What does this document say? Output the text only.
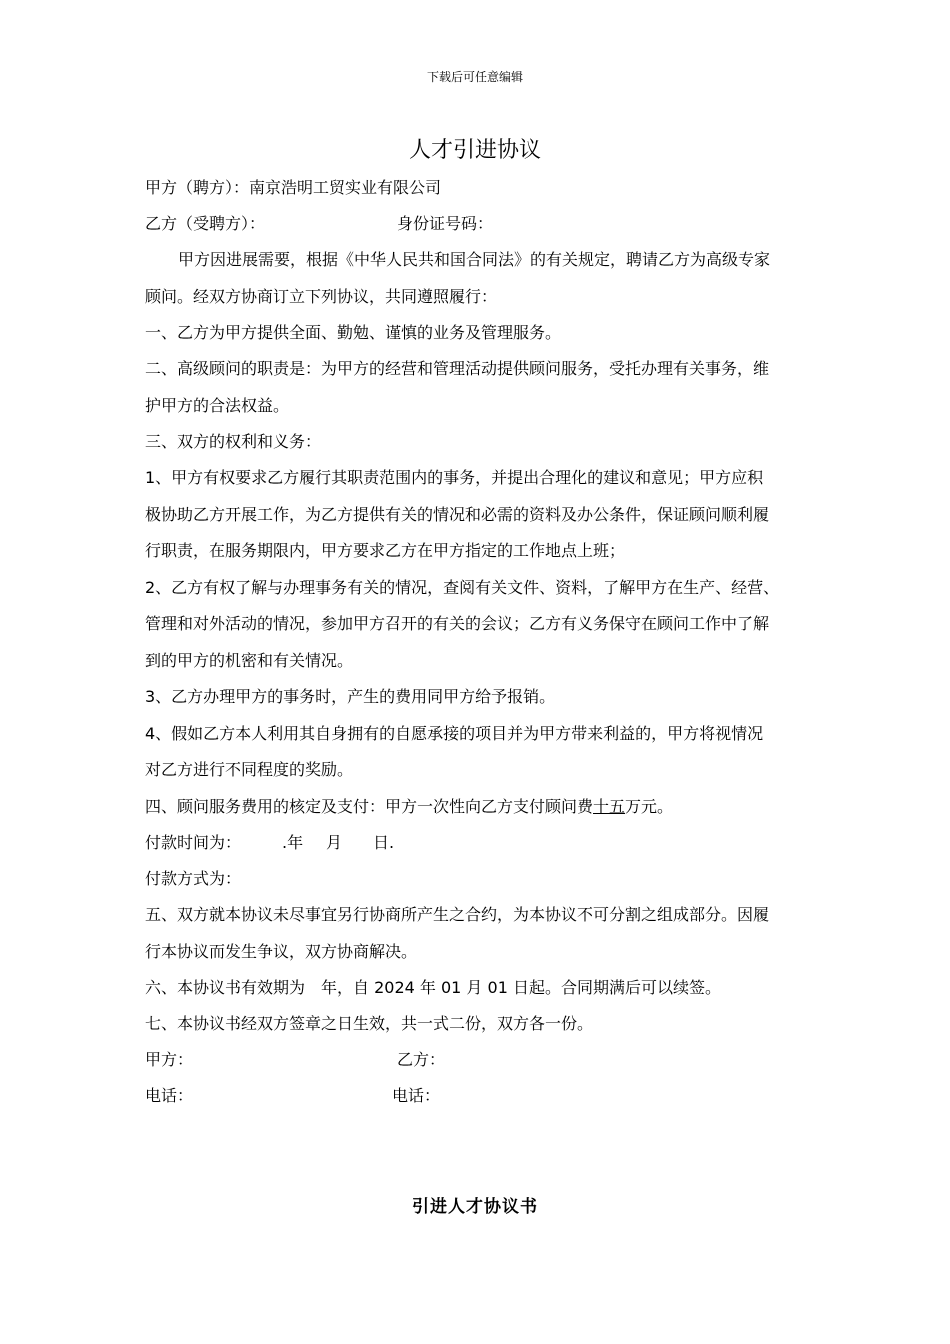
下载后可任意编辑
人才引进协议
甲方（聘方）：南京浩明工贸实业有限公司
乙方（受聘方）：	身份证号码：
甲方因进展需要，根据《中华人民共和国合同法》的有关规定，聘请乙方为高级专家
顾问。经双方协商订立下列协议，共同遵照履行：
一、乙方为甲方提供全面、勤勉、谨慎的业务及管理服务。
二、高级顾问的职责是：为甲方的经营和管理活动提供顾问服务，受托办理有关事务，维
护甲方的合法权益。
三、双方的权利和义务：
1、甲方有权要求乙方履行其职责范围内的事务，并提出合理化的建议和意见；甲方应积
极协助乙方开展工作，为乙方提供有关的情况和必需的资料及办公条件，保证顾问顺利履
行职责，在服务期限内，甲方要求乙方在甲方指定的工作地点上班；
2、乙方有权了解与办理事务有关的情况，查阅有关文件、资料，了解甲方在生产、经营、
管理和对外活动的情况，参加甲方召开的有关的会议；乙方有义务保守在顾问工作中了解
到的甲方的机密和有关情况。
3、乙方办理甲方的事务时，产生的费用同甲方给予报销。
4、假如乙方本人利用其自身拥有的自愿承接的项目并为甲方带来利益的，甲方将视情况
对乙方进行不同程度的奖励。
四、顾问服务费用的核定及支付：甲方一次性向乙方支付顾问费十五万元。
付款时间为：	.年 月 日.
付款方式为：
五、双方就本协议未尽事宜另行协商所产生之合约，为本协议不可分割之组成部分。因履
行本协议而发生争议，双方协商解决。
六、本协议书有效期为　年，自 2024 年 01 月 01 日起。合同期满后可以续签。
七、本协议书经双方签章之日生效，共一式二份，双方各一份。
甲方：	乙方：
电话：	电话：
引进人才协议书
